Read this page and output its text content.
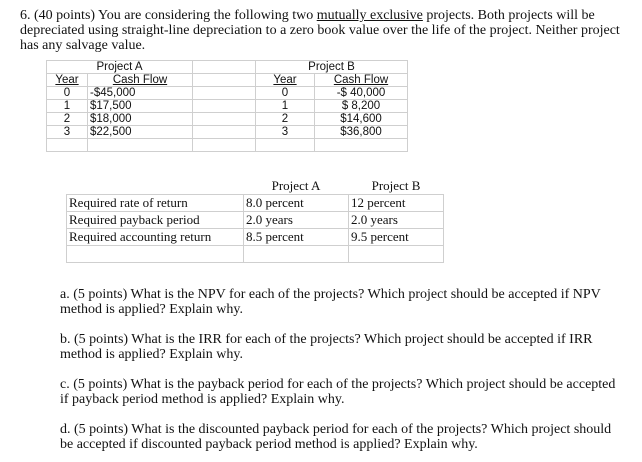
6. (40 points) You are considering the following two mutually exclusive projects. Both projects will be depreciated using straight-line depreciation to a zero book value over the life of the project. Neither project has any salvage value.
Project A			Project B	
Year	Cash Flow		Year	Cash Flow
0	-$45,000		0	-$ 40,000
1	$17,500		1	$ 8,200
2	$18,000		2	$14,600
3	$22,500		3	$36,800

	Project A	Project B
Required rate of return	8.0 percent	12 percent
Required payback period	2.0 years	2.0 years
Required accounting return	8.5 percent	9.5 percent

a. (5 points) What is the NPV for each of the projects? Which project should be accepted if NPV method is applied? Explain why.
b. (5 points) What is the IRR for each of the projects? Which project should be accepted if IRR method is applied? Explain why.
c. (5 points) What is the payback period for each of the projects? Which project should be accepted if payback period method is applied? Explain why.
d. (5 points) What is the discounted payback period for each of the projects? Which project should be accepted if discounted payback period method is applied? Explain why.
